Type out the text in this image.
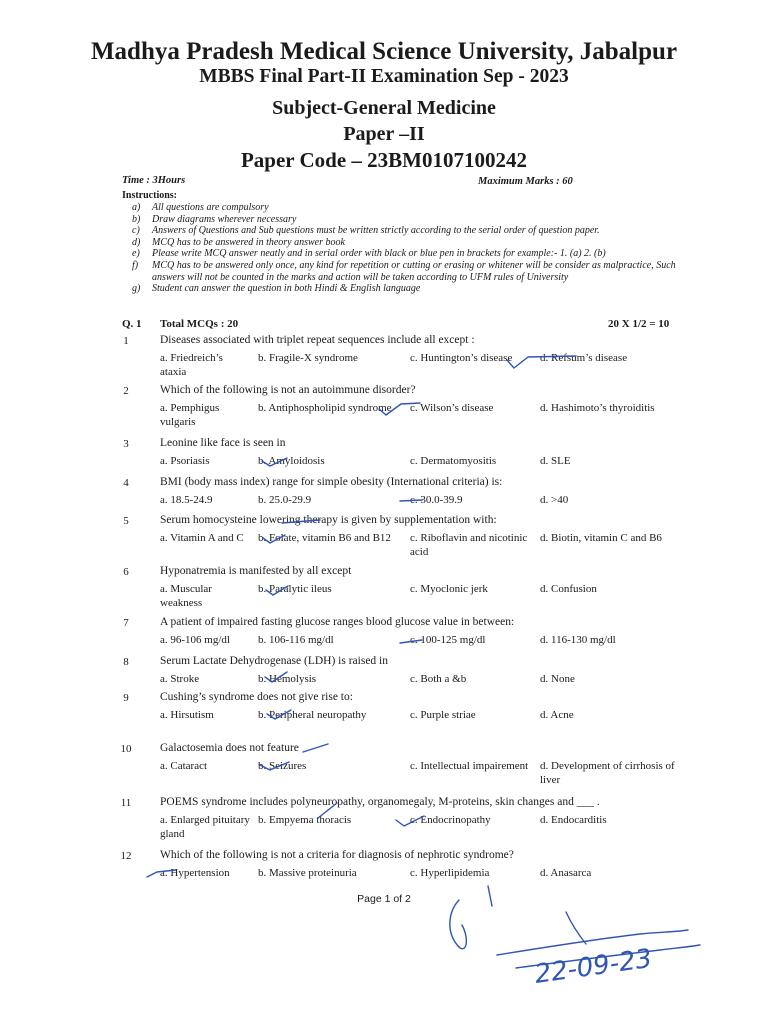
Madhya Pradesh Medical Science University, Jabalpur
MBBS Final Part-II Examination Sep - 2023
Subject-General Medicine
Paper –II
Paper Code – 23BM0107100242
Time : 3Hours	Maximum Marks : 60
Instructions:
a)	All questions are compulsory
b)	Draw diagrams wherever necessary
c)	Answers of Questions and Sub questions must be written strictly according to the serial order of question paper.
d)	MCQ has to be answered in theory answer book
e)	Please write MCQ answer neatly and in serial order with black or blue pen in brackets for example:- 1. (a) 2. (b)
f)	MCQ has to be answered only once, any kind for repetition or cutting or erasing or whitener will be consider as malpractice, Such answers will not be counted in the marks and action will be taken according to UFM rules of University
g)	Student can answer the question in both Hindi & English language
Q. 1 Total MCQs : 20	20 X 1/2 = 10
1	Diseases associated with triplet repeat sequences include all except :
a. Friedreich’s ataxia
b. Fragile-X syndrome	c. Huntington’s disease	d. Refsum’s disease
2	Which of the following is not an autoimmune disorder?
a. Pemphigus vulgaris
b. Antiphospholipid syndrome	c. Wilson’s disease	d. Hashimoto’s thyroiditis
3	Leonine like face is seen in
a. Psoriasis	b. Amyloidosis	c. Dermatomyositis	d. SLE
4	BMI (body mass index) range for simple obesity (International criteria) is:
a. 18.5-24.9	b. 25.0-29.9	c. 30.0-39.9	d. >40
5	Serum homocysteine lowering therapy is given by supplementation with:
a. Vitamin A and C	b. Folate, vitamin B6 and B12	c. Riboflavin and nicotinic acid
d. Biotin, vitamin C and B6
6	Hyponatremia is manifested by all except
a. Muscular weakness
b. Paralytic ileus	c. Myoclonic jerk	d. Confusion
7	A patient of impaired fasting glucose ranges blood glucose value in between:
a. 96-106 mg/dl	b. 106-116 mg/dl	c. 100-125 mg/dl	d. 116-130 mg/dl
8	Serum Lactate Dehydrogenase (LDH) is raised in
a. Stroke	b. Hemolysis	c. Both a &b	d. None
9	Cushing’s syndrome does not give rise to:
a. Hirsutism	b. Peripheral neuropathy	c. Purple striae	d. Acne
10	Galactosemia does not feature
a. Cataract	b. Seizures	c. Intellectual impairement d. Development of cirrhosis of liver
11	POEMS syndrome includes polyneuropathy, organomegaly, M-proteins, skin changes and ___ .
a. Enlarged pituitary gland
b. Empyema thoracis	c. Endocrinopathy	d. Endocarditis
12	Which of the following is not a criteria for diagnosis of nephrotic syndrome?
a. Hypertension	b. Massive proteinuria	c. Hyperlipidemia	d. Anasarca
Page 1 of 2
22-09-23
